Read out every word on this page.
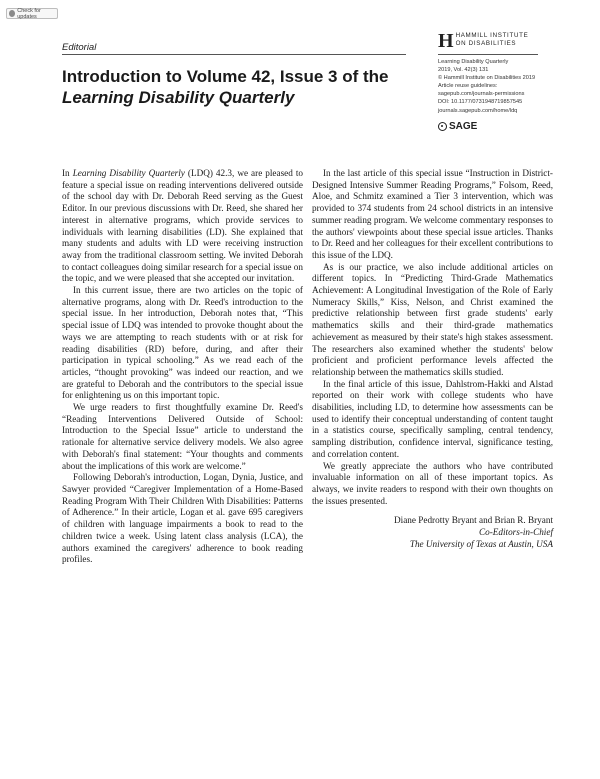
Check for updates
Editorial	H HAMMILL INSTITUTE
ON DISABILITIES
Learning Disability Quarterly
2019, Vol. 42(3) 131
© Hammill Institute on Disabilities 2019
Article reuse guidelines:
sagepub.com/journals-permissions
DOI: 10.1177/0731948719857545
journals.sagepub.com/home/ldq
SAGE
Introduction to Volume 42, Issue 3 of the Learning Disability Quarterly

In Learning Disability Quarterly (LDQ) 42.3, we are pleased to feature a special issue on reading interventions delivered outside of the school day with Dr. Deborah Reed serving as the Guest Editor. In our previous discussions with Dr. Reed, she shared her interest in alternative programs, which provide services to individuals with learning disabilities (LD). She explained that many students and adults with LD were receiving instruction away from the traditional classroom setting. We invited Deborah to contact colleagues doing similar research for a special issue on the topic, and we were pleased that she accepted our invitation.

In this current issue, there are two articles on the topic of alternative programs, along with Dr. Reed's introduction to the special issue. In her introduction, Deborah notes that, “This special issue of LDQ was intended to provoke thought about the ways we are attempting to reach students with or at risk for reading disabilities (RD) before, during, and after their participation in typical schooling.” As we read each of the articles, “thought provoking” was indeed our reaction, and we are grateful to Deborah and the contributors to the special issue for enlightening us on this important topic.

We urge readers to first thoughtfully examine Dr. Reed's “Reading Interventions Delivered Outside of School: Introduction to the Special Issue” article to understand the rationale for alternative service delivery models. We also agree with Deborah's final statement: “Your thoughts and comments about the implications of this work are welcome.”

Following Deborah's introduction, Logan, Dynia, Justice, and Sawyer provided “Caregiver Implementation of a Home-Based Reading Program With Their Children With Disabilities: Patterns of Adherence.” In their article, Logan et al. gave 695 caregivers of children with language impairments a book to read to the children twice a week. Using latent class analysis (LCA), the authors examined the caregivers' adherence to book reading profiles.

In the last article of this special issue “Instruction in District-Designed Intensive Summer Reading Programs,” Folsom, Reed, Aloe, and Schmitz examined a Tier 3 intervention, which was provided to 374 students from 24 school districts in an intensive summer reading program. We welcome commentary responses to the authors' viewpoints about these special issue articles. Thanks to Dr. Reed and her colleagues for their excellent contributions to this issue of the LDQ.

As is our practice, we also include additional articles on different topics. In “Predicting Third-Grade Mathematics Achievement: A Longitudinal Investigation of the Role of Early Numeracy Skills,” Kiss, Nelson, and Christ examined the predictive relationship between first grade students' early mathematics skills and their third-grade mathematics achievement as measured by their state's high stakes assessment. The researchers also examined whether the students' below proficient and proficient performance levels affected the relationship between the mathematics skills studied.

In the final article of this issue, Dahlstrom-Hakki and Alstad reported on their work with college students who have disabilities, including LD, to determine how assessments can be used to identify their conceptual understanding of content taught in a statistics course, specifically sampling, central tendency, sampling distribution, confidence interval, significance testing, and correlation content.

We greatly appreciate the authors who have contributed invaluable information on all of these important topics. As always, we invite readers to respond with their own thoughts on the issues presented.

Diane Pedrotty Bryant and Brian R. Bryant
Co-Editors-in-Chief
The University of Texas at Austin, USA
